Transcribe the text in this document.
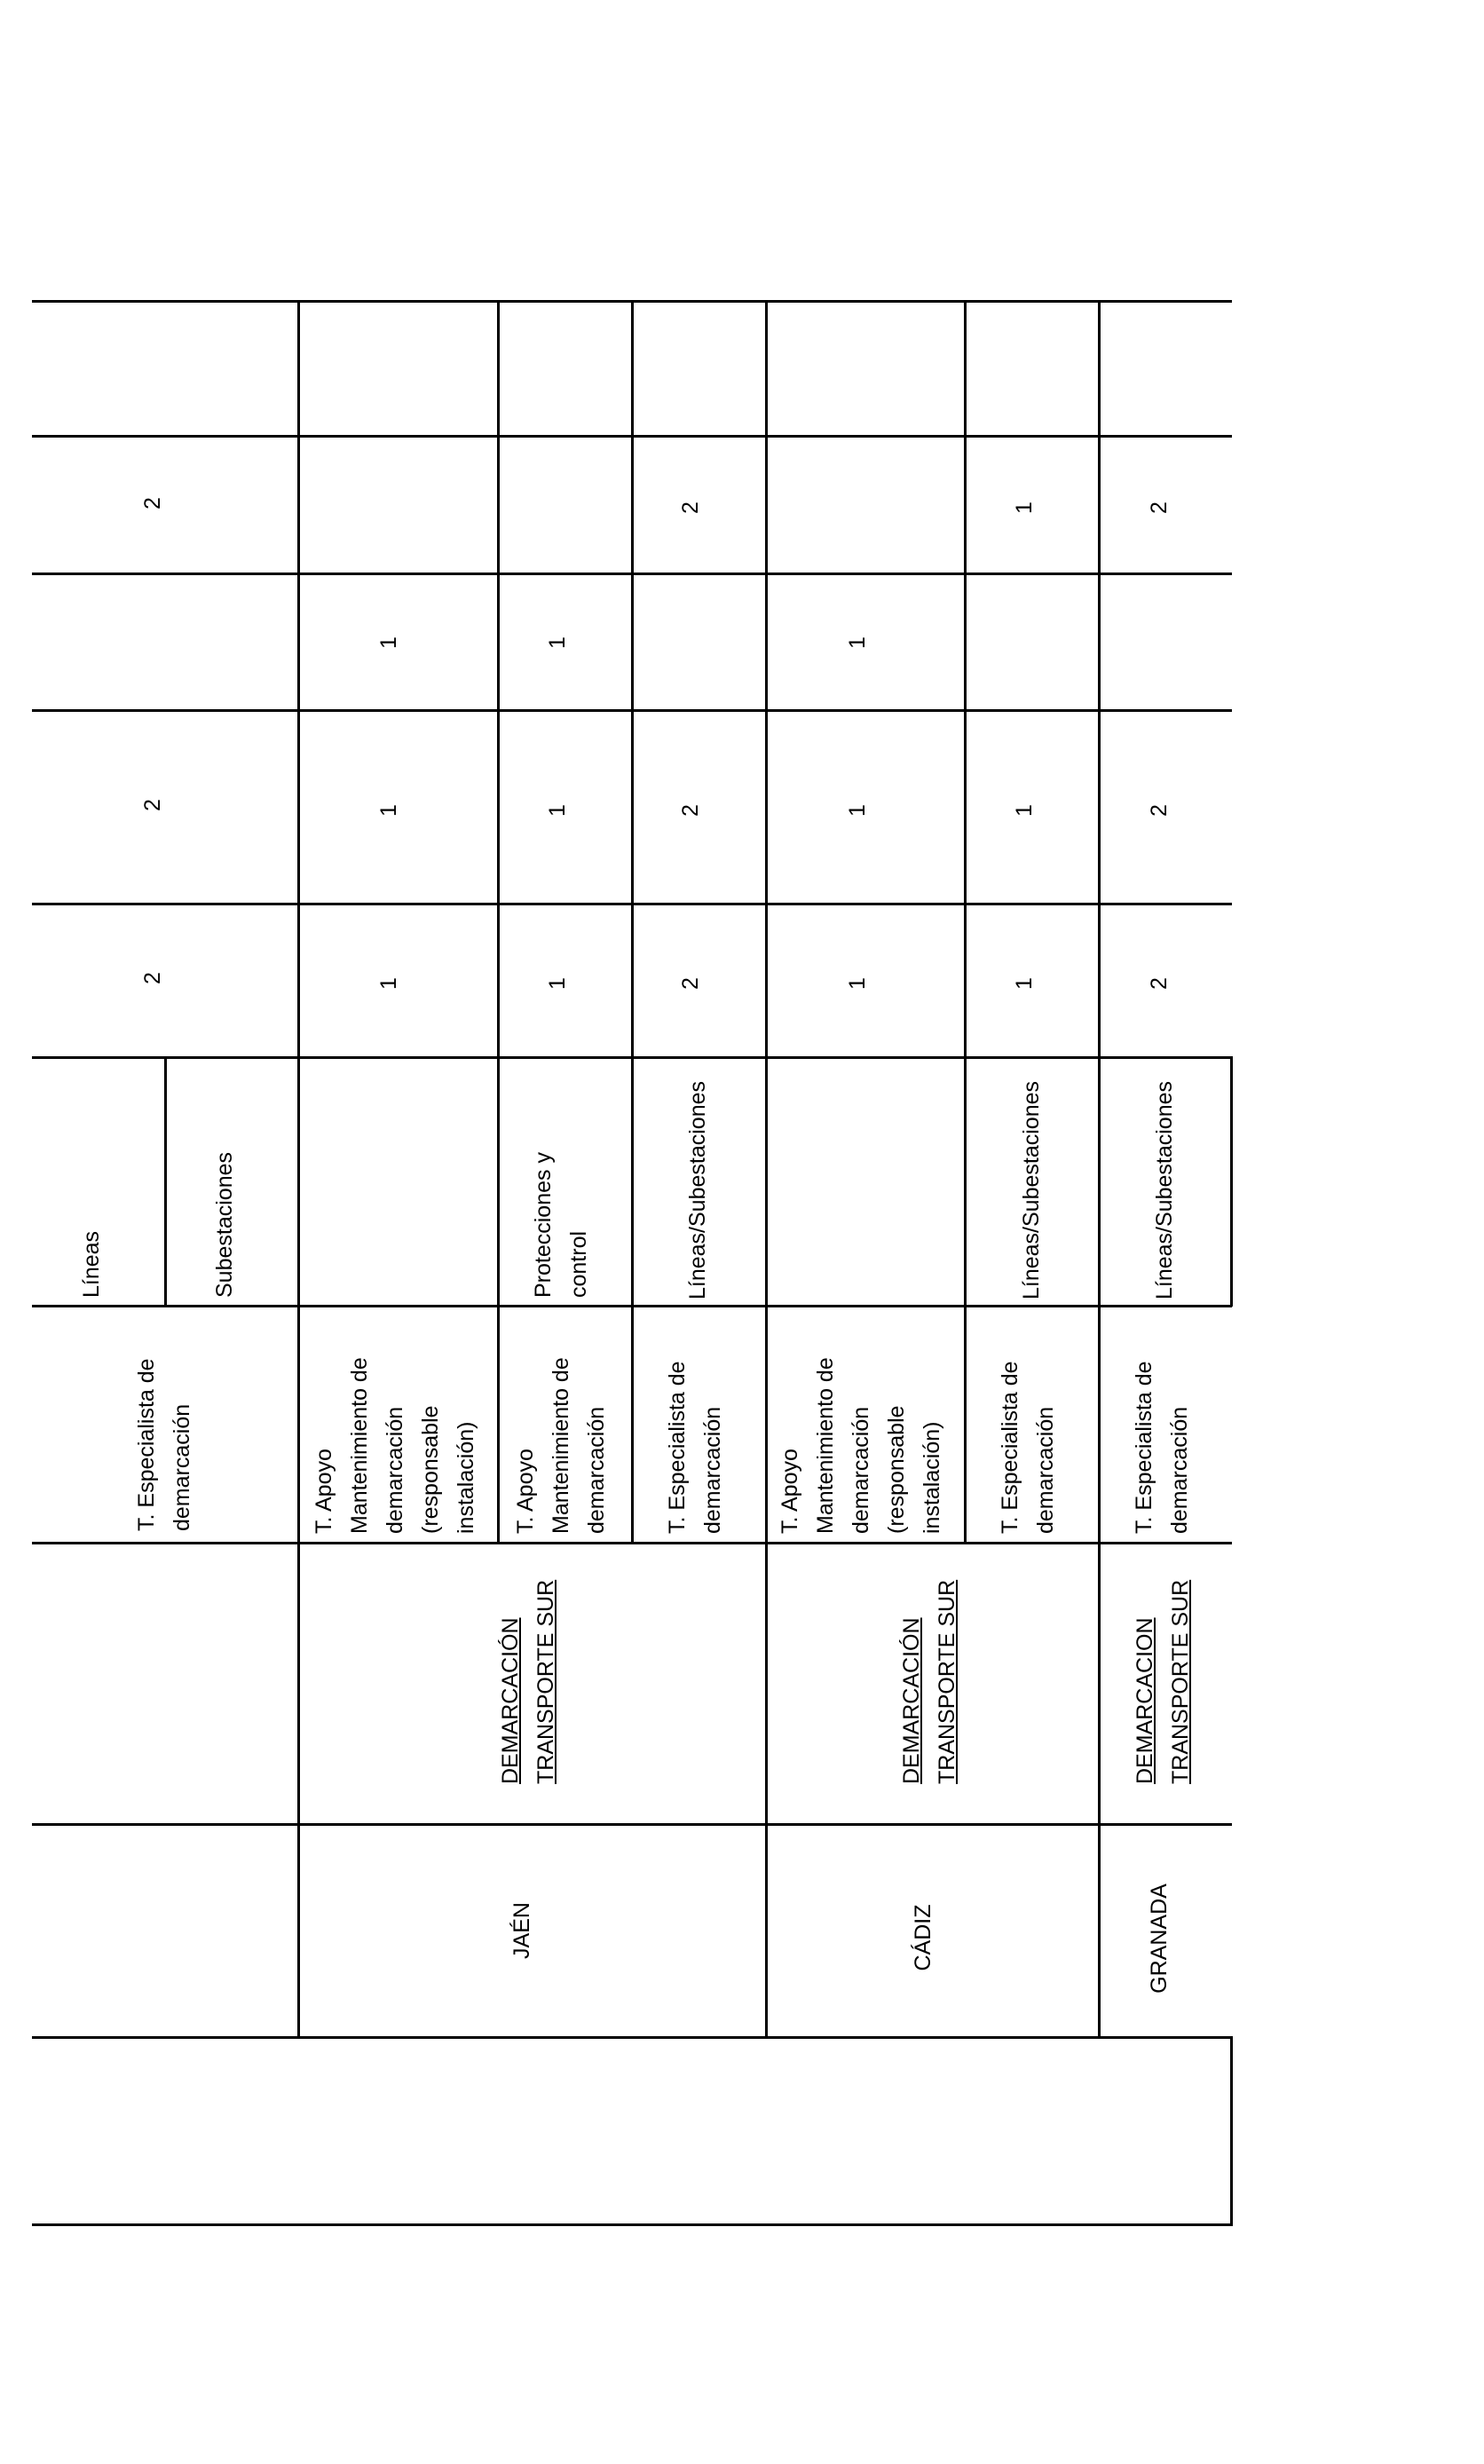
T. Especialista de demarcación
Líneas	Subestaciones
2
2
2
JAÉN
DEMARCACIÓN TRANSPORTE SUR
T. Apoyo Mantenimiento de demarcación (responsable instalación)
1
1
1
T. Apoyo Mantenimiento de demarcación
Protecciones y control
1
1
1
T. Especialista de demarcación
Líneas/Subestaciones
2
2
2
CÁDIZ
DEMARCACIÓN TRANSPORTE SUR
T. Apoyo Mantenimiento de demarcación (responsable instalación)
1
1
1
T. Especialista de demarcación
Líneas/Subestaciones
1
1
1
GRANADA
DEMARCACION TRANSPORTE SUR
T. Especialista de demarcación
Líneas/Subestaciones
2
2
2
